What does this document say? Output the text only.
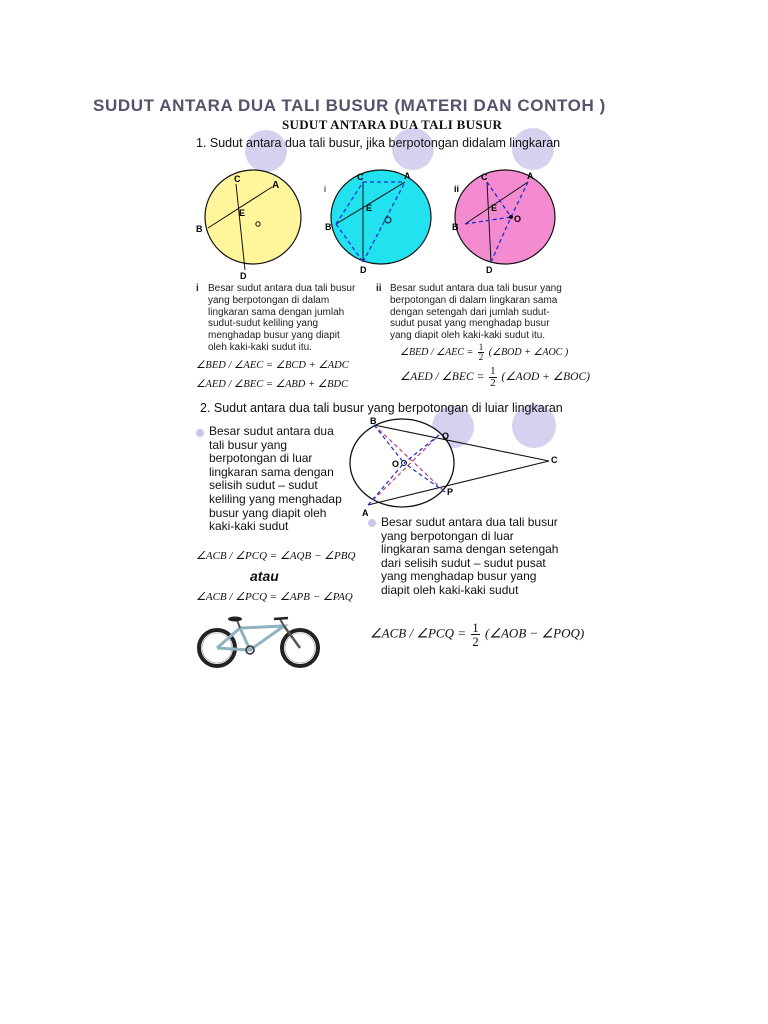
SUDUT ANTARA DUA TALI BUSUR (MATERI DAN CONTOH )
SUDUT ANTARA DUA TALI BUSUR
1. Sudut antara dua tali busur, jika berpotongan didalam lingkaran
C
A
B
E
D
i
C	A
B
E
D
ii
C	A
B
E
O
D
i Besar sudut antara dua tali busur
yang berpotongan di dalam
lingkaran sama dengan jumlah
sudut-sudut keliling yang
menghadap busur yang diapit
oleh kaki-kaki sudut itu.
∠BED / ∠AEC = ∠BCD + ∠ADC
∠AED / ∠BEC = ∠ABD + ∠BDC
ii Besar sudut antara dua tali busur yang
berpotongan di dalam lingkaran sama
dengan setengah dari jumlah sudut-
sudut pusat yang menghadap busur
yang diapit oleh kaki-kaki sudut itu.
∠BED / ∠AEC = $\frac{1}{2}$ (∠BOD + ∠AOC )
∠AED / ∠BEC = $\frac{1}{2}$ (∠AOD + ∠BOC)
2. Sudut antara dua tali busur yang berpotongan di luiar lingkaran
Besar sudut antara dua
tali busur yang
berpotongan di luar
lingkaran sama dengan
selisih sudut – sudut
keliling yang menghadap
busur yang diapit oleh
kaki-kaki sudut
∠ACB / ∠PCQ = ∠AQB − ∠PBQ
atau
∠ACB / ∠PCQ = ∠APB − ∠PAQ
B
Q
C
O
P
A
Besar sudut antara dua tali busur
yang berpotongan di luar
lingkaran sama dengan setengah
dari selisih sudut – sudut pusat
yang menghadap busur yang
diapit oleh kaki-kaki sudut
∠ACB / ∠PCQ = $\frac{1}{2}$ (∠AOB − ∠POQ)
